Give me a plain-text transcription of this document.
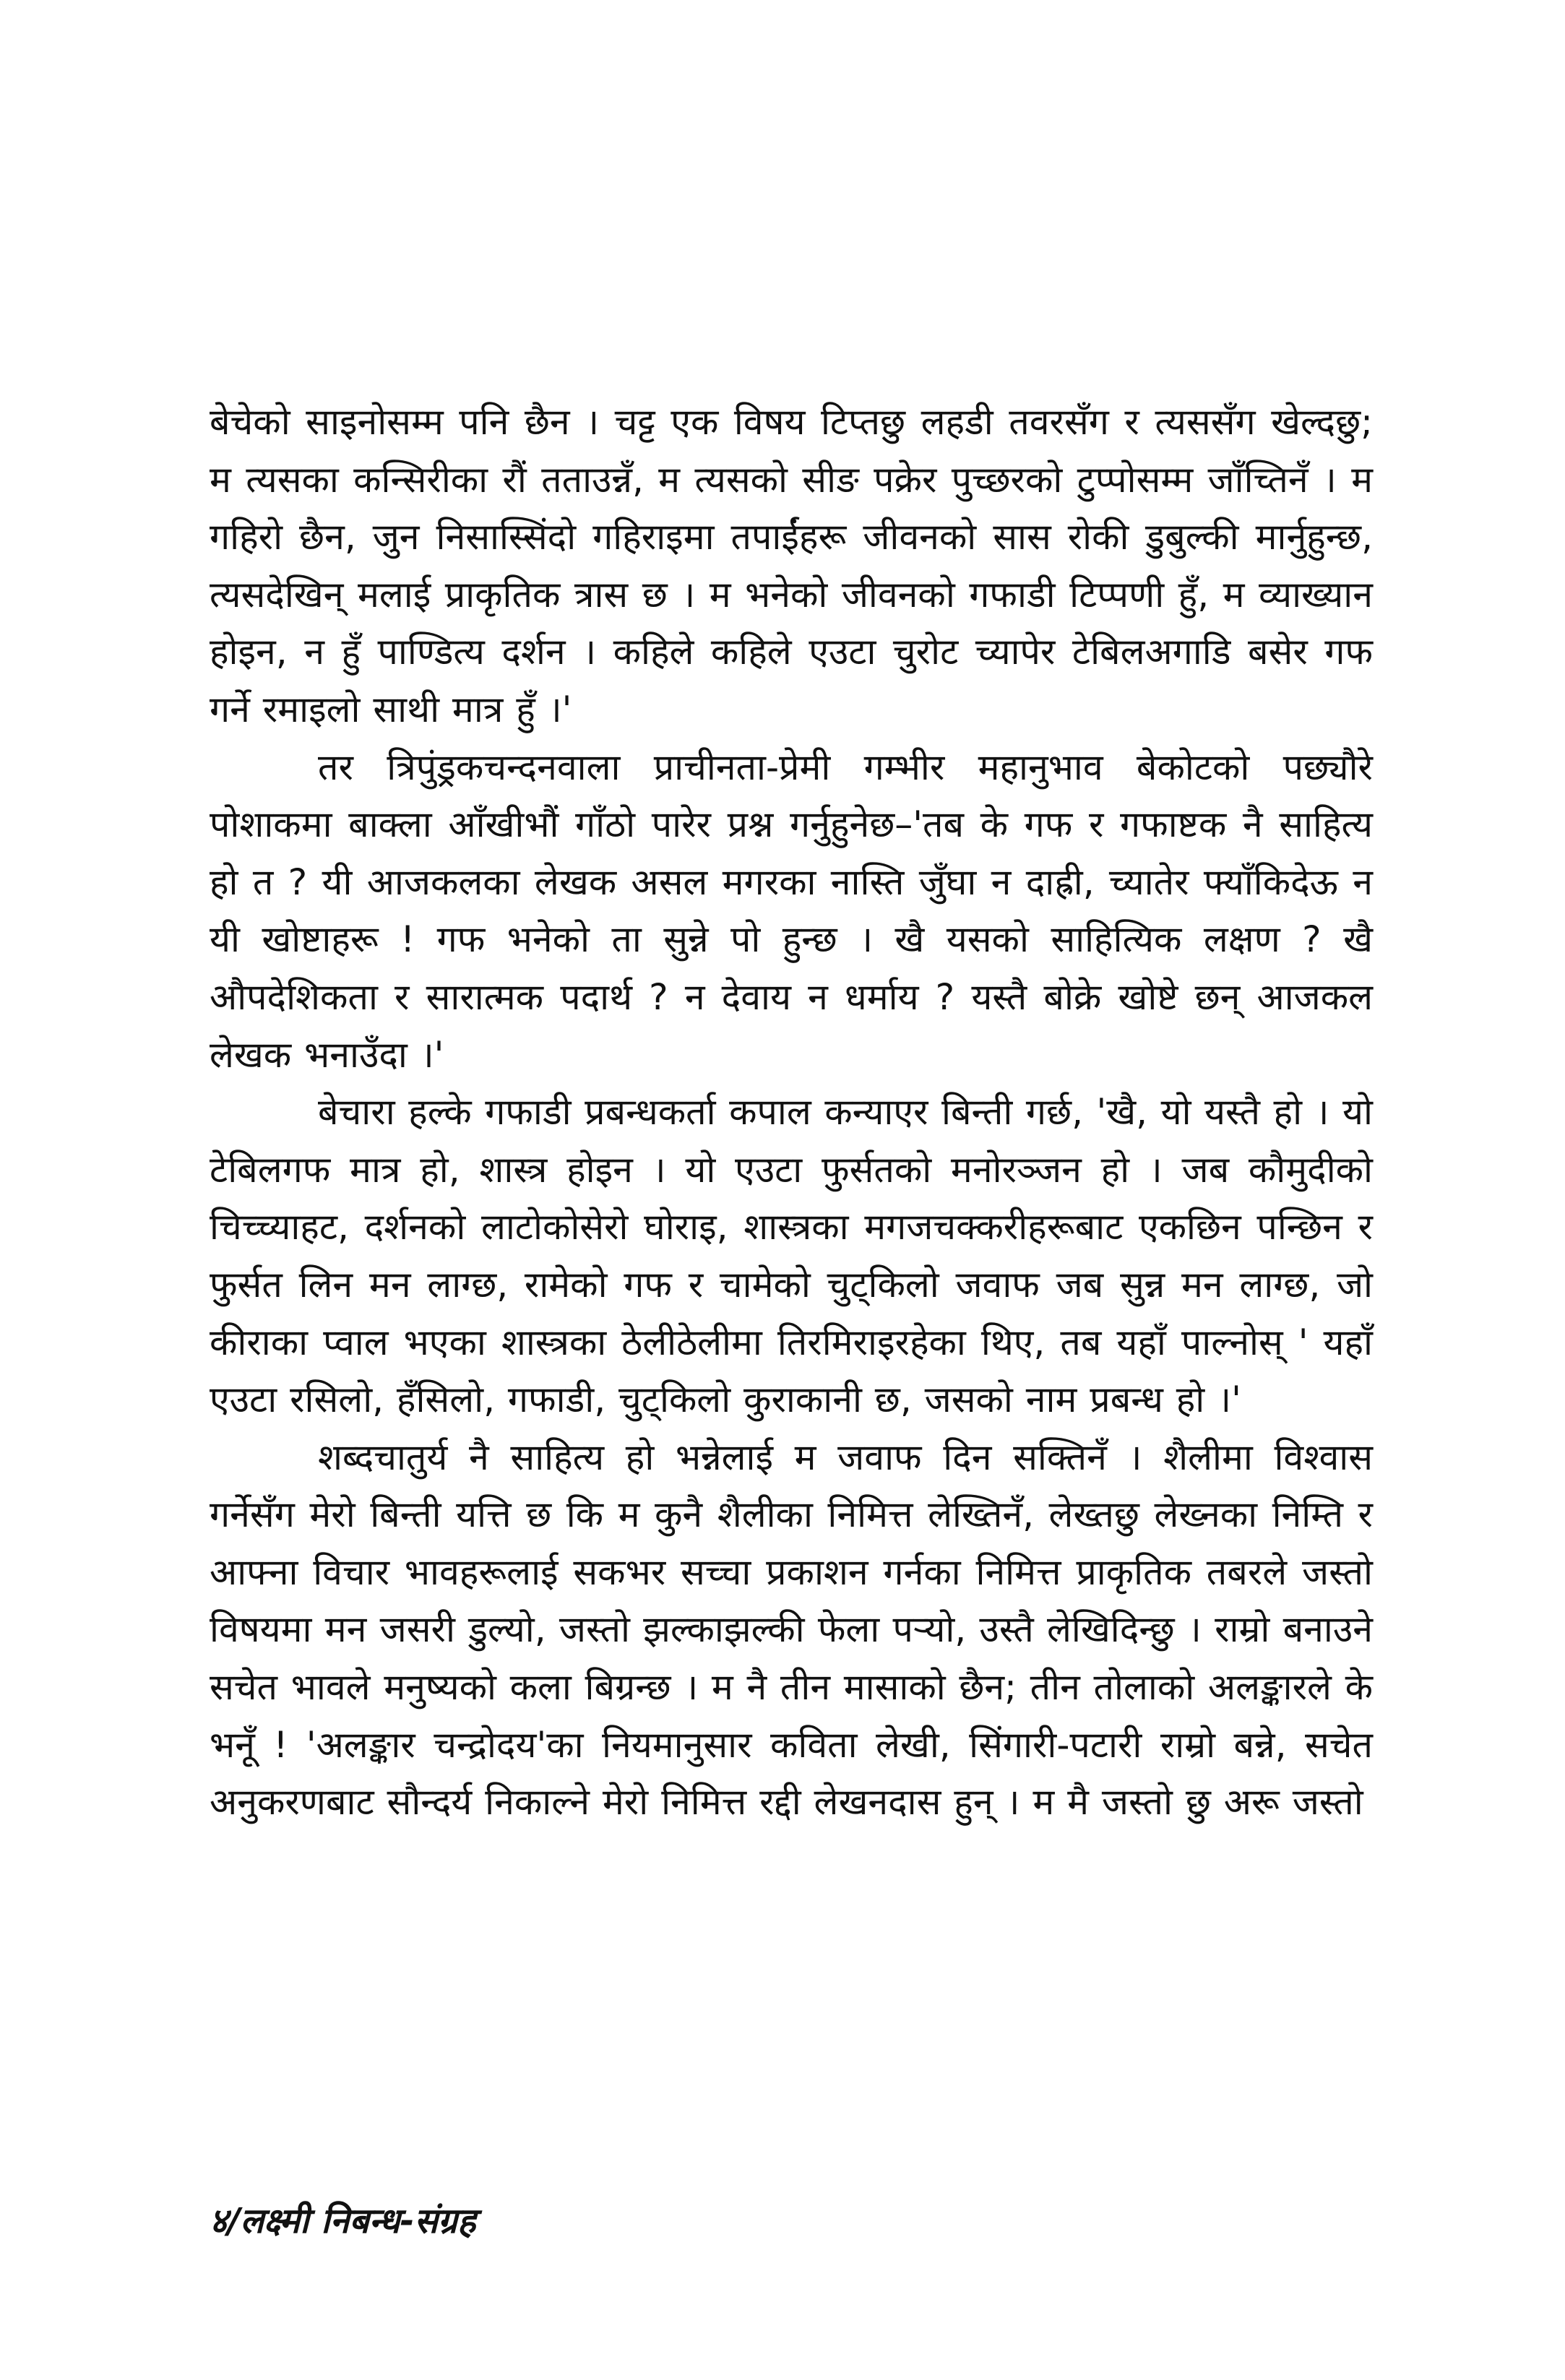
बेचेको साइनोसम्म पनि छैन । चट्ट एक विषय टिप्तछु लहडी तवरसँग र त्यससँग खेल्दछु; म त्यसका कन्सिरीका रौं तताउन्नँ, म त्यसको सीङ पक्रेर पुच्छरको टुप्पोसम्म जाँच्तिनँ । म गहिरो छैन, जुन निसास्सिंदो गहिराइमा तपाईंहरू जीवनको सास रोकी डुबुल्की मार्नुहुन्छ, त्यसदेखिन् मलाई प्राकृतिक त्रास छ । म भनेको जीवनको गफाडी टिप्पणी हुँ, म व्याख्यान होइन, न हुँ पाण्डित्य दर्शन । कहिले कहिले एउटा चुरोट च्यापेर टेबिलअगाडि बसेर गफ गर्ने रमाइलो साथी मात्र हुँ ।'

तर त्रिपुंड्रकचन्दनवाला प्राचीनता-प्रेमी गम्भीर महानुभाव बेकोटको पछ्यौरे पोशाकमा बाक्ला आँखीभौं गाँठो पारेर प्रश्न गर्नुहुनेछ–'तब के गफ र गफाष्टक नै साहित्य हो त ? यी आजकलका लेखक असल मगरका नास्ति जुँघा न दाह्री, च्यातेर फ्याँकिदेऊ न यी खोष्टाहरू ! गफ भनेको ता सुन्ने पो हुन्छ । खै यसको साहित्यिक लक्षण ? खै औपदेशिकता र सारात्मक पदार्थ ? न देवाय न धर्माय ? यस्तै बोक्रे खोष्टे छन् आजकल लेखक भनाउँदा ।'

बेचारा हल्के गफाडी प्रबन्धकर्ता कपाल कन्याएर बिन्ती गर्छ, 'खै, यो यस्तै हो । यो टेबिलगफ मात्र हो, शास्त्र होइन । यो एउटा फुर्सतको मनोरञ्जन हो । जब कौमुदीको चिच्च्याहट, दर्शनको लाटोकोसेरो घोराइ, शास्त्रका मगजचक्करीहरूबाट एकछिन पन्छिन र फुर्सत लिन मन लाग्छ, रामेको गफ र चामेको चुट्किलो जवाफ जब सुन्न मन लाग्छ, जो कीराका प्वाल भएका शास्त्रका ठेलीठेलीमा तिरमिराइरहेका थिए, तब यहाँ पाल्नोस् ' यहाँ एउटा रसिलो, हँसिलो, गफाडी, चुट्किलो कुराकानी छ, जसको नाम प्रबन्ध हो ।'

शब्दचातुर्य नै साहित्य हो भन्नेलाई म जवाफ दिन सक्तिनँ । शैलीमा विश्वास गर्नेसँग मेरो बिन्ती यत्ति छ कि म कुनै शैलीका निमित्त लेख्तिनँ, लेख्तछु लेख्नका निम्ति र आफ्ना विचार भावहरूलाई सकभर सच्चा प्रकाशन गर्नका निमित्त प्राकृतिक तबरले जस्तो विषयमा मन जसरी डुल्यो, जस्तो झल्काझल्की फेला पऱ्यो, उस्तै लेखिदिन्छु । राम्रो बनाउने सचेत भावले मनुष्यको कला बिग्रन्छ । म नै तीन मासाको छैन; तीन तोलाको अलङ्कारले के भनूँ ! 'अलङ्कार चन्द्रोदय'का नियमानुसार कविता लेखी, सिंगारी-पटारी राम्रो बन्ने, सचेत अनुकरणबाट सौन्दर्य निकाल्ने मेरो निमित्त रद्दी लेखनदास हुन् । म मै जस्तो छु अरू जस्तो

४/लक्ष्मी निबन्ध-संग्रह
